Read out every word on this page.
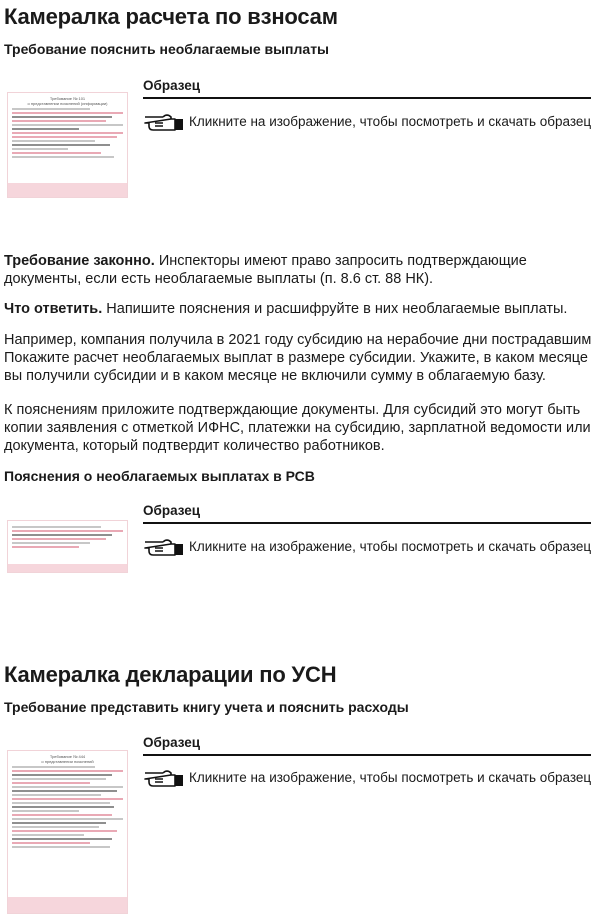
Камералка расчета по взносам
Требование пояснить необлагаемые выплаты
Требование № 101
о представлении пояснений (информации)
Образец
Кликните на изображение, чтобы посмотреть и скачать образец

Требование законно. Инспекторы имеют право запросить подтверждающие
документы, если есть необлагаемые выплаты (п. 8.6 ст. 88 НК).

Что ответить. Напишите пояснения и расшифруйте в них необлагаемые выплаты.

Например, компания получила в 2021 году субсидию на нерабочие дни пострадавшим
Покажите расчет необлагаемых выплат в размере субсидии. Укажите, в каком месяце
вы получили субсидии и в каком месяце не включили сумму в облагаемую базу.

К пояснениям приложите подтверждающие документы. Для субсидий это могут быть
копии заявления с отметкой ИФНС, платежки на субсидию, зарплатной ведомости или
документа, который подтвердит количество работников.

Пояснения о необлагаемых выплатах в РСВ
Образец
Кликните на изображение, чтобы посмотреть и скачать образец
Камералка декларации по УСН
Требование представить книгу учета и пояснить расходы
Требование № 444
о представлении пояснений
Образец
Кликните на изображение, чтобы посмотреть и скачать образец
